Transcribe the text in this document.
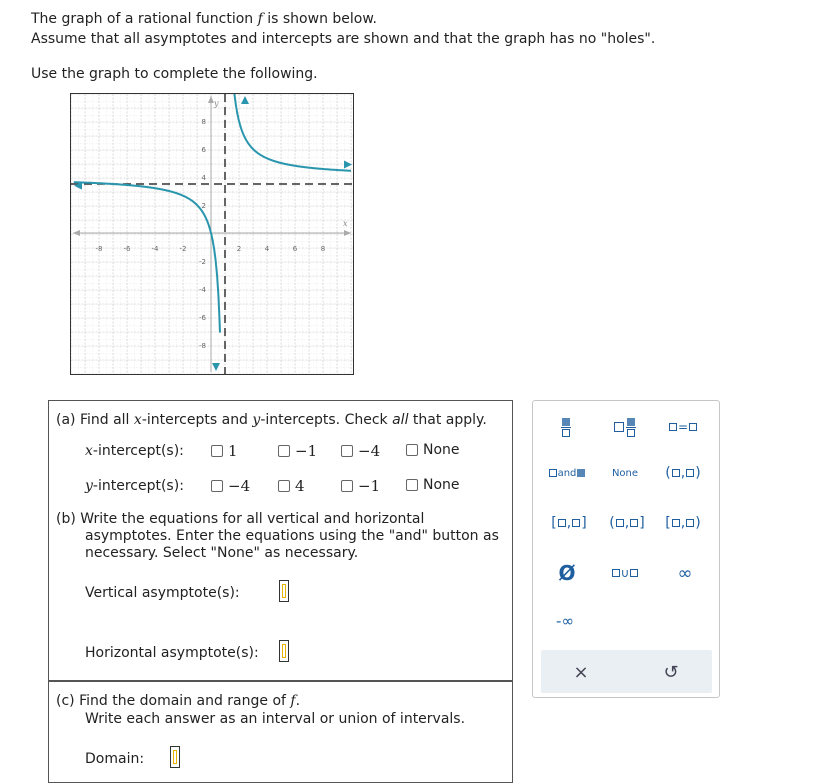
The graph of a rational function f is shown below.
Assume that all asymptotes and intercepts are shown and that the graph has no "holes".
Use the graph to complete the following.
x
y
-8	-6	-4	-2	2	4	6	8
8
6
4
2
-2
-4
-6
-8
(a) Find all x-intercepts and y-intercepts. Check all that apply.
x-intercept(s):	1	−1	−4	None
y-intercept(s):	−4	4	−1	None
(b) Write the equations for all vertical and horizontal
asymptotes. Enter the equations using the "and" button as
necessary. Select "None" as necessary.
Vertical asymptote(s):
Horizontal asymptote(s):
(c) Find the domain and range of f.
Write each answer as an interval or union of intervals.
Domain:
=
and	None	( , )
[ , ] ( , ] [ , )
Ø	∪	∞
-∞
×	↺
